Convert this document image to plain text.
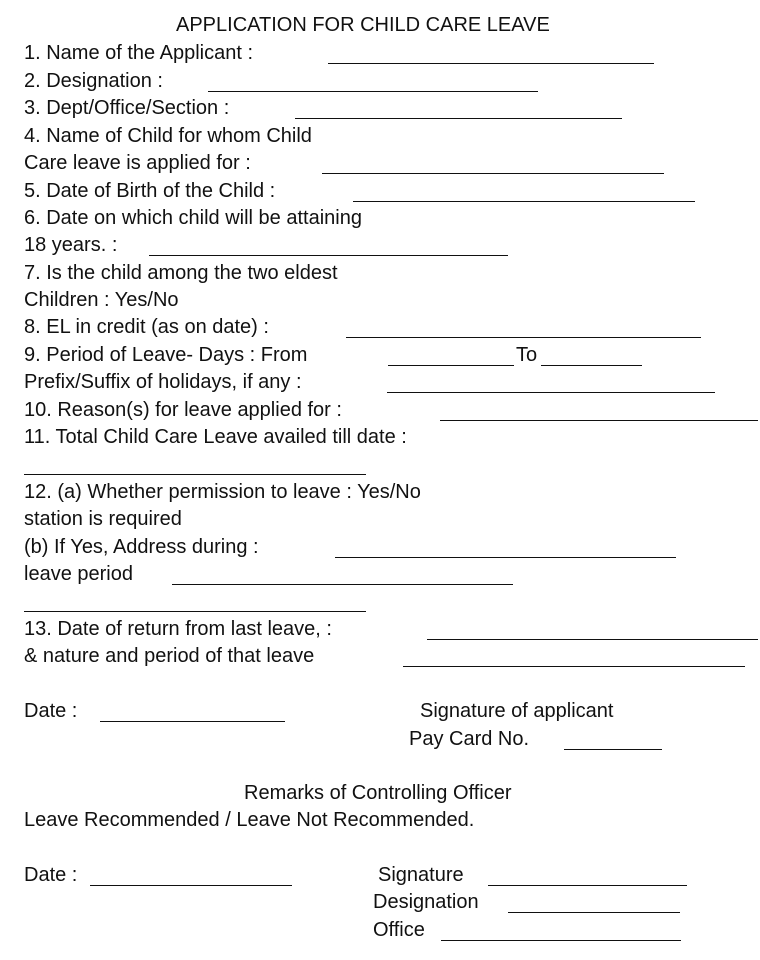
APPLICATION FOR CHILD CARE LEAVE
1. Name of the Applicant :
2. Designation :
3. Dept/Office/Section :
4. Name of Child for whom Child
Care leave is applied for :
5. Date of Birth of the Child :
6. Date on which child will be attaining
18 years. :
7. Is the child among the two eldest
Children : Yes/No
8. EL in credit (as on date) :
9. Period of Leave- Days : From	To
Prefix/Suffix of holidays, if any :
10. Reason(s) for leave applied for :
11. Total Child Care Leave availed till date :
12. (a) Whether permission to leave : Yes/No
station is required
(b) If Yes, Address during :
leave period
13. Date of return from last leave, :
& nature and period of that leave
Date :	Signature of applicant
Pay Card No.
Remarks of Controlling Officer
Leave Recommended / Leave Not Recommended.
Date :	Signature
Designation
Office
